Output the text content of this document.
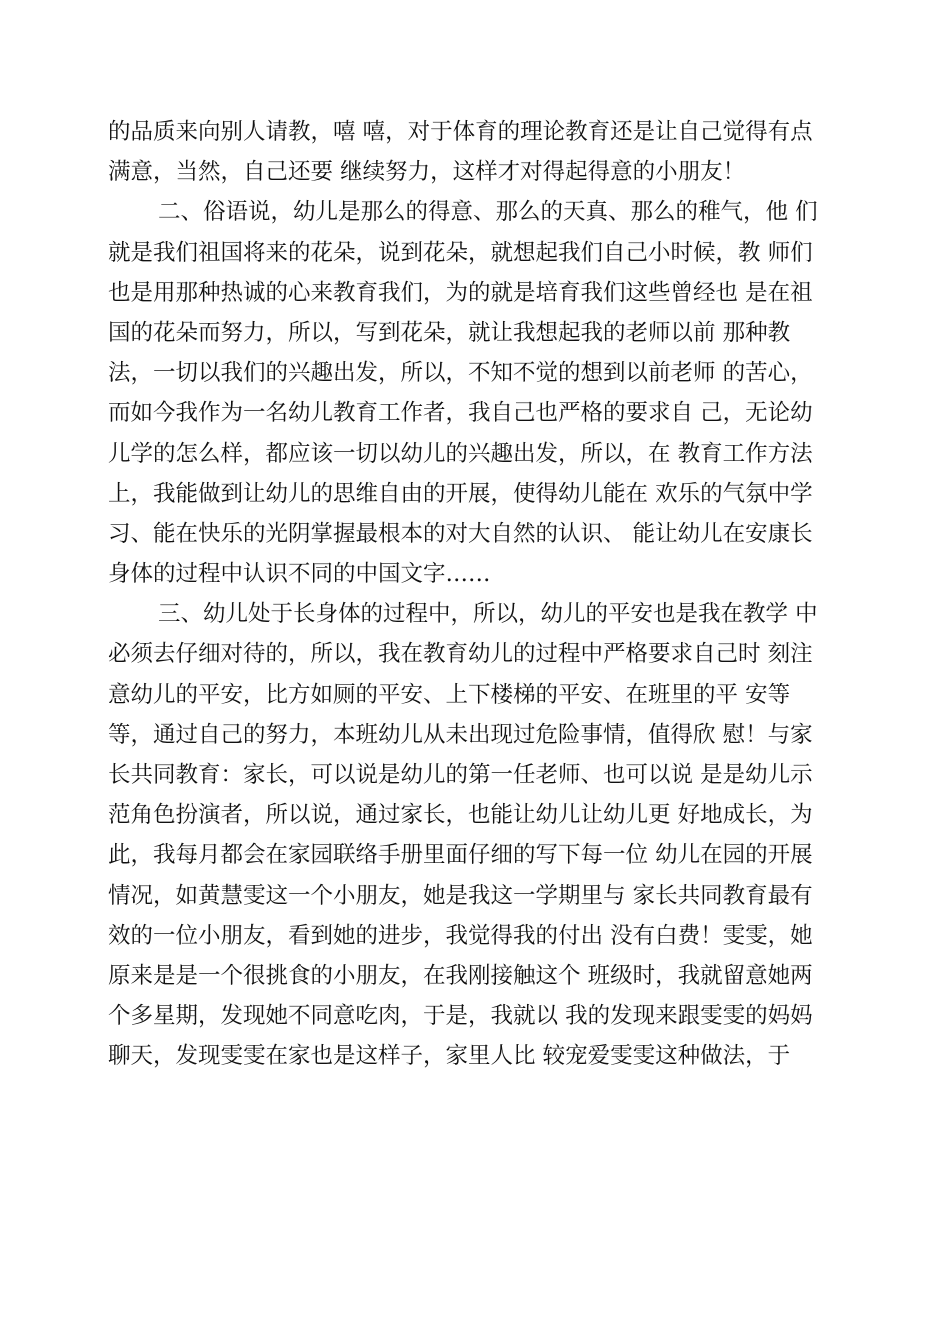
的品质来向别人请教，嘻 嘻，对于体育的理论教育还是让自己觉得有点
满意，当然，自己还要 继续努力，这样才对得起得意的小朋友！
二、俗语说，幼儿是那么的得意、那么的天真、那么的稚气，他 们
就是我们祖国将来的花朵，说到花朵，就想起我们自己小时候，教 师们
也是用那种热诚的心来教育我们，为的就是培育我们这些曾经也 是在祖
国的花朵而努力，所以，写到花朵，就让我想起我的老师以前 那种教
法，一切以我们的兴趣出发，所以，不知不觉的想到以前老师 的苦心，
而如今我作为一名幼儿教育工作者，我自己也严格的要求自 己，无论幼
儿学的怎么样，都应该一切以幼儿的兴趣出发，所以，在 教育工作方法
上，我能做到让幼儿的思维自由的开展，使得幼儿能在 欢乐的气氛中学
习、能在快乐的光阴掌握最根本的对大自然的认识、 能让幼儿在安康长
身体的过程中认识不同的中国文字……
三、幼儿处于长身体的过程中，所以，幼儿的平安也是我在教学 中
必须去仔细对待的，所以，我在教育幼儿的过程中严格要求自己时 刻注
意幼儿的平安，比方如厕的平安、上下楼梯的平安、在班里的平 安等
等，通过自己的努力，本班幼儿从未出现过危险事情，值得欣 慰！与家
长共同教育：家长，可以说是幼儿的第一任老师、也可以说 是是幼儿示
范角色扮演者，所以说，通过家长，也能让幼儿让幼儿更 好地成长，为
此，我每月都会在家园联络手册里面仔细的写下每一位 幼儿在园的开展
情况，如黄慧雯这一个小朋友，她是我这一学期里与 家长共同教育最有
效的一位小朋友，看到她的进步，我觉得我的付出 没有白费！雯雯，她
原来是是一个很挑食的小朋友，在我刚接触这个 班级时，我就留意她两
个多星期，发现她不同意吃肉，于是，我就以 我的发现来跟雯雯的妈妈
聊天，发现雯雯在家也是这样子，家里人比 较宠爱雯雯这种做法，于
